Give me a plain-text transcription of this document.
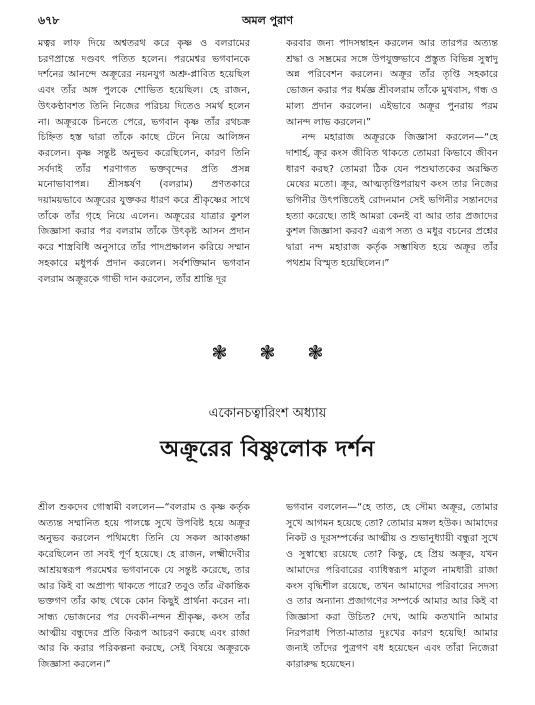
৬৭৮	অমল পুরাণ

মত্বর লাফ দিয়ে অশ্বতরথ করে কৃষ্ণ ও বলরামের চরণপ্রান্তে দণ্ডবৎ পতিত হলেন। পরমেশ্বর ভগবানকে দর্শনের আনন্দে অক্রূরের নয়নযুগ অশ্রু-প্লাবিত হয়েছিল এবং তাঁর অঙ্গ পুলকে শোভিত হয়েছিল। হে রাজন, উৎকণ্ঠাবশত তিনি নিজের পরিচয় দিতেও সমর্থ হলেন না। অক্রূরকে চিনতে পেরে, ভগবান কৃষ্ণ তাঁর রথচক্র চিহ্নিত হস্ত দ্বারা তাঁকে কাছে টেনে নিয়ে আলিঙ্গন করলেন। কৃষ্ণ সন্তুষ্ট অনুভব করেছিলেন, কারণ তিনি সর্বদাই তাঁর শরণাগত ভক্তবৃন্দের প্রতি প্রসন্ন মনোভাবাপন্ন। শ্রীসঙ্কর্ষণ (বলরাম) প্রণতকারে দয়াময়ভাবে অক্রূরের যুক্তকর ধারণ করে শ্রীকৃষ্ণের সাথে তাঁকে তাঁর গৃহে নিয়ে এলেন। অক্রূরের যাত্রার কুশল জিজ্ঞাসা করার পর বলরাম তাঁকে উৎকৃষ্ট আসন প্রদান করে শাস্ত্রবিধি অনুসারে তাঁর পাদপ্রক্ষালন করিয়ে সম্মান সহকারে মধুপর্ক প্রদান করলেন। সর্বশক্তিমান ভগবান বলরাম অক্রূরকে গাভী দান করলেন, তাঁর শ্রান্তি দূর

করবার জন্য পাদসম্বাহন করলেন আর তারপর অত্যন্ত শ্রদ্ধা ও সম্ভ্রমের সঙ্গে উপযুক্তভাবে প্রস্তুত বিভিন্ন সুস্বাদু অন্ন পরিবেশন করলেন। অক্রূর তাঁর তৃপ্তি সহকারে ভোজন করার পর ধর্মজ্ঞ শ্রীবলরাম তাঁকে মুখবাস, গন্ধ ও মাল্য প্রদান করলেন। এইভাবে অক্রূর পুনরায় পরম আনন্দ লাভ করলেন।”

নন্দ মহারাজ অক্রূরকে জিজ্ঞাসা করলেন—“হে দাশার্হ, ক্রূর কংস জীবিত থাকতে তোমরা কিভাবে জীবন ধারণ করছ? তোমরা ঠিক যেন পশুঘাতকের অরক্ষিত মেষের মতো। ক্রূর, আত্মতৃপ্তিপরায়ণ কংস তার নিজের ভগিনীর উৎপত্তিতেই রোদনমান সেই ভগিনীর সন্তানদের হত্যা করেছে। তাই আমরা কেনই বা আর তার প্রজাদের কুশল জিজ্ঞাসা করব? এরূপ সত্য ও মধুর বচনের প্রশ্নের দ্বারা নন্দ মহারাজ কর্তৃক সম্ভাষিত হয়ে অক্রূর তাঁর পথশ্রম বিস্মৃত হয়েছিলেন।”

❃ ❃ ❃
একোনচত্বারিংশ অধ্যায়
অক্রূরের বিষ্ণুলোক দর্শন

শ্রীল শুকদেব গোস্বামী বললেন—“বলরাম ও কৃষ্ণ কর্তৃক অত্যন্ত সম্মানিত হয়ে পালঙ্কে সুখে উপবিষ্ট হয়ে অক্রূর অনুভব করলেন পথিমধ্যে তিনি যে সকল আকাঙ্ক্ষা করেছিলেন তা সবই পূর্ণ হয়েছে। হে রাজন, লক্ষ্মীদেবীর আশ্রয়স্বরূপ পরমেশ্বর ভগবানকে যে সন্তুষ্ট করেছে, তার আর কিই বা অপ্রাপ্য থাকতে পারে? তবুও তাঁর ঐকান্তিক ভক্তগণ তাঁর কাছ থেকে কোন কিছুই প্রার্থনা করেন না। সান্ধ্য ভোজনের পর দেবকী-নন্দন শ্রীকৃষ্ণ, কংস তাঁর আত্মীয় বন্ধুদের প্রতি কিরূপ আচরণ করছে এবং রাজা আর কি করার পরিকল্পনা করছে, সেই বিষয়ে অক্রূরকে জিজ্ঞাসা করলেন।”

ভগবান বললেন—“হে তাত, হে সৌম্য অক্রূর, তোমার সুখে আগমন হয়েছে তো? তোমার মঙ্গল হউক। আমাদের নিকট ও দূরসম্পর্কের আত্মীয় ও শুভানুধ্যায়ী বন্ধুরা সুখে ও সুস্বাস্থ্যে রয়েছে তো? কিন্তু, হে প্রিয় অক্রূর, যখন আমাদের পরিবারের ব্যাধিস্বরূপ মাতুল নামধারী রাজা কংস বৃদ্ধিশীল রয়েছে, তখন আমাদের পরিবারের সদস্য ও তার অন্যান্য প্রজাগণের সম্পর্কে আমার আর কিই বা জিজ্ঞাসা করা উচিত? দেখ, আমি কতখানি আমার নিরপরাধ পিতা-মাতার দুঃখের কারণ হয়েছি! আমার জন্যই তাঁদের পুত্রগণ বধ হয়েছেন এবং তাঁরা নিজেরা কারারুদ্ধ হয়েছেন।
